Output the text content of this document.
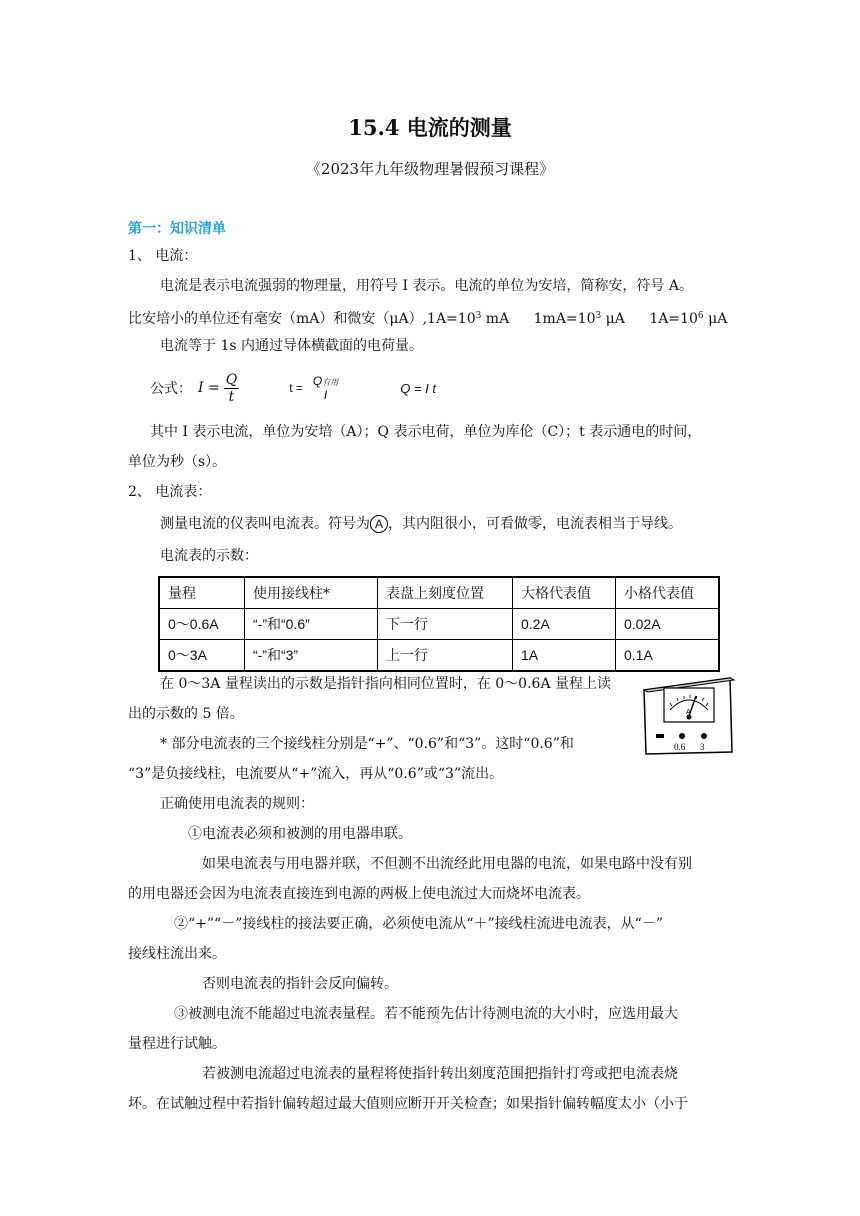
15.4 电流的测量
《2023年九年级物理暑假预习课程》
第一：知识清单
1、 电流：
电流是表示电流强弱的物理量，用符号 I 表示。电流的单位为安培，简称安，符号 A。
比安培小的单位还有毫安（mA）和微安$(\mu A),1A=10^3$ mA $1mA=10^3$ μA $1A=10^6$ μA
电流等于 1s 内通过导体横截面的电荷量。
公式： $I = \frac{Q}{t}$	t = Q有用
I	Q = I t
其中 I 表示电流，单位为安培（A）；Q 表示电荷，单位为库伦（C）；t 表示通电的时间，
单位为秒（s）。
2、 电流表：
测量电流的仪表叫电流表。符号为 A ，其内阻很小，可看做零，电流表相当于导线。
电流表的示数：
量程	使用接线柱*	表盘上刻度位置	大格代表值	小格代表值
0～0.6A	“-”和“0.6”	下一行	0.2A	0.02A
0～3A	“-”和“3”	上一行	1A	0.1A
在 0～3A 量程读出的示数是指针指向相同位置时，在 0～0.6A 量程上读
出的示数的 5 倍。
* 部分电流表的三个接线柱分别是“+”、“0.6”和“3”。这时“0.6”和
“3”是负接线柱，电流要从“+”流入，再从“0.6”或“3”流出。
A
0.6 3
正确使用电流表的规则：
①电流表必须和被测的用电器串联。
如果电流表与用电器并联，不但测不出流经此用电器的电流，如果电路中没有别
的用电器还会因为电流表直接连到电源的两极上使电流过大而烧坏电流表。
②“+”“－”接线柱的接法要正确，必须使电流从“＋”接线柱流进电流表，从“－”
接线柱流出来。
否则电流表的指针会反向偏转。
③被测电流不能超过电流表量程。若不能预先估计待测电流的大小时，应选用最大
量程进行试触。
若被测电流超过电流表的量程将使指针转出刻度范围把指针打弯或把电流表烧
坏。在试触过程中若指针偏转超过最大值则应断开开关检查；如果指针偏转幅度太小（小于
